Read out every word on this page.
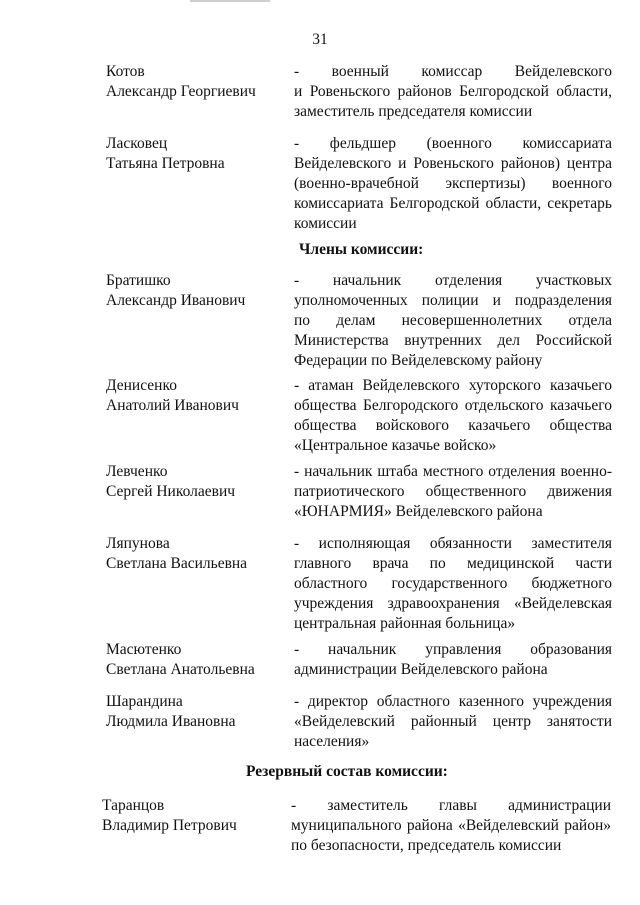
31
Котов
Александр Георгиевич
- военный комиссар Вейделевского
и Ровеньского районов Белгородской области,
заместитель председателя комиссии
Ласковец
Татьяна Петровна
- фельдшер (военного комиссариата
Вейделевского и Ровеньского районов) центра
(военно-врачебной экспертизы) военного
комиссариата Белгородской области, секретарь
комиссии
Члены комиссии:
Братишко
Александр Иванович
- начальник отделения участковых
уполномоченных полиции и подразделения
по делам несовершеннолетних отдела
Министерства внутренних дел Российской
Федерации по Вейделевскому району
Денисенко
Анатолий Иванович
- атаман Вейделевского хуторского казачьего
общества Белгородского отдельского казачьего
общества войскового казачьего общества
«Центральное казачье войско»
Левченко
Сергей Николаевич
- начальник штаба местного отделения военно-
патриотического общественного движения
«ЮНАРМИЯ» Вейделевского района
Ляпунова
Светлана Васильевна
- исполняющая обязанности заместителя
главного врача по медицинской части
областного государственного бюджетного
учреждения здравоохранения «Вейделевская
центральная районная больница»
Масютенко
Светлана Анатольевна
- начальник управления образования
администрации Вейделевского района
Шарандина
Людмила Ивановна
- директор областного казенного учреждения
«Вейделевский районный центр занятости
населения»
Резервный состав комиссии:
Таранцов
Владимир Петрович
- заместитель главы администрации
муниципального района «Вейделевский район»
по безопасности, председатель комиссии
